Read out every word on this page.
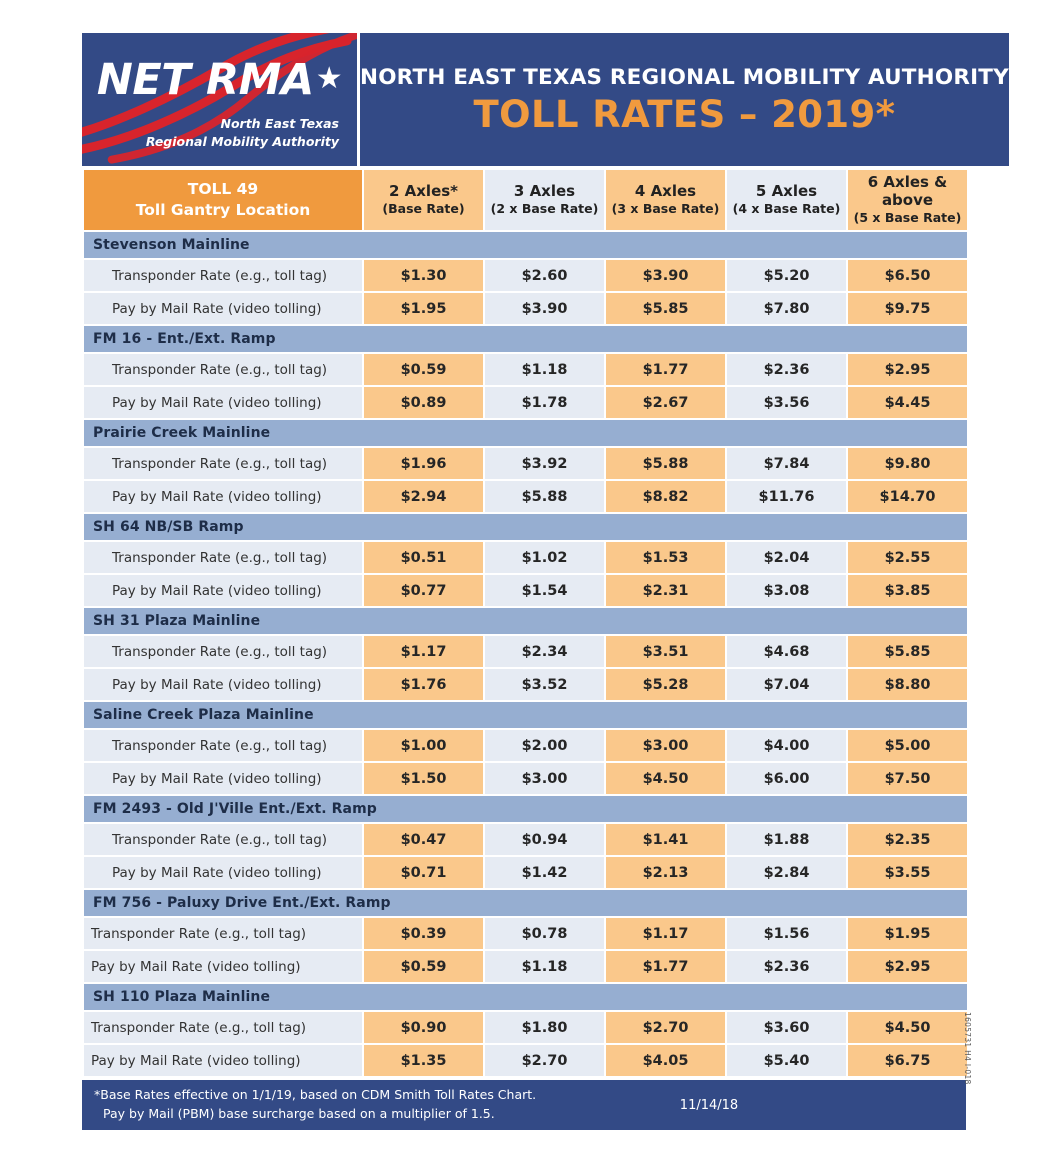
NET RMA★
North East Texas
Regional Mobility Authority
NORTH EAST TEXAS REGIONAL MOBILITY AUTHORITY
TOLL RATES – 2019*
TOLL 49
Toll Gantry Location

2 Axles*
(Base Rate)

3 Axles
(2 x Base Rate)

4 Axles
(3 x Base Rate)

5 Axles
(4 x Base Rate)

6 Axles & above
(5 x Base Rate)

Stevenson Mainline					
Transponder Rate (e.g., toll tag)	$1.30	$2.60	$3.90	$5.20	$6.50
Pay by Mail Rate (video tolling)	$1.95	$3.90	$5.85	$7.80	$9.75
FM 16 - Ent./Ext. Ramp					
Transponder Rate (e.g., toll tag)	$0.59	$1.18	$1.77	$2.36	$2.95
Pay by Mail Rate (video tolling)	$0.89	$1.78	$2.67	$3.56	$4.45
Prairie Creek Mainline					
Transponder Rate (e.g., toll tag)	$1.96	$3.92	$5.88	$7.84	$9.80
Pay by Mail Rate (video tolling)	$2.94	$5.88	$8.82	$11.76	$14.70
SH 64 NB/SB Ramp					
Transponder Rate (e.g., toll tag)	$0.51	$1.02	$1.53	$2.04	$2.55
Pay by Mail Rate (video tolling)	$0.77	$1.54	$2.31	$3.08	$3.85
SH 31 Plaza Mainline					
Transponder Rate (e.g., toll tag)	$1.17	$2.34	$3.51	$4.68	$5.85
Pay by Mail Rate (video tolling)	$1.76	$3.52	$5.28	$7.04	$8.80
Saline Creek Plaza Mainline					
Transponder Rate (e.g., toll tag)	$1.00	$2.00	$3.00	$4.00	$5.00
Pay by Mail Rate (video tolling)	$1.50	$3.00	$4.50	$6.00	$7.50
FM 2493 - Old J'Ville Ent./Ext. Ramp					
Transponder Rate (e.g., toll tag)	$0.47	$0.94	$1.41	$1.88	$2.35
Pay by Mail Rate (video tolling)	$0.71	$1.42	$2.13	$2.84	$3.55
FM 756 - Paluxy Drive Ent./Ext. Ramp					
Transponder Rate (e.g., toll tag)	$0.39	$0.78	$1.17	$1.56	$1.95
Pay by Mail Rate (video tolling)	$0.59	$1.18	$1.77	$2.36	$2.95
SH 110 Plaza Mainline					
Transponder Rate (e.g., toll tag)	$0.90	$1.80	$2.70	$3.60	$4.50
Pay by Mail Rate (video tolling)	$1.35	$2.70	$4.05	$5.40	$6.75
*Base Rates effective on 1/1/19, based on CDM Smith Toll Rates Chart.
Pay by Mail (PBM) base surcharge based on a multiplier of 1.5.
11/14/18
1605731 H4 I-018
